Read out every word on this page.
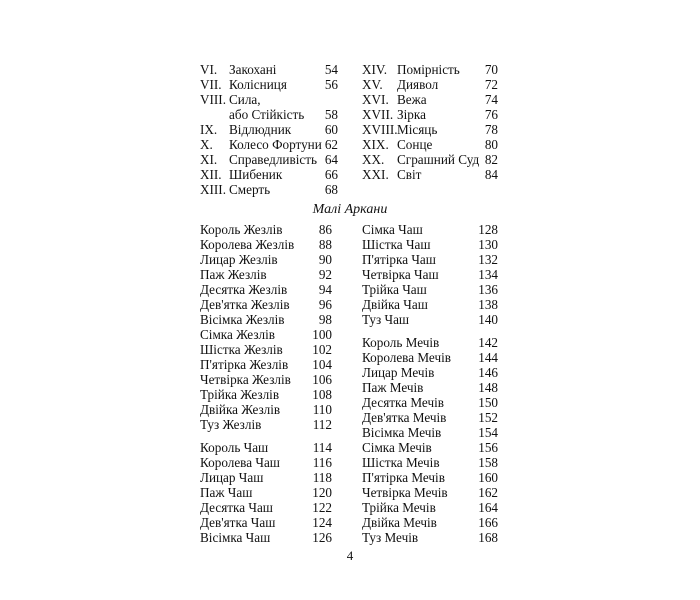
VI. Закохані	54
VII. Колісниця	56
VIII. Сила,
або Стійкість 58
IX. Відлюдник	60
X. Колесо Фортуни 62
XI. Справедливість 64
XII. Шибеник	66
XIII. Смерть	68
XIV. Помірність 70
XV. Диявол	72
XVI. Вежа	74
XVII. Зірка	76
XVIII. Місяць	78
XIX. Сонце	80
XX. Сграшний Суд 82
XXI. Світ	84
Малі Аркани
Король Жезлів	86
Королева Жезлів 88
Лицар Жезлів	90
Паж Жезлів	92
Десятка Жезлів 94
Дев'ятка Жезлів 96
Вісімка Жезлів	98
Сімка Жезлів	100
Шістка Жезлів 102
П'ятірка Жезлів 104
Четвірка Жезлів 106
Трійка Жезлів	108
Двійка Жезлів 110
Туз Жезлів	112
Король Чаш	114
Королева Чаш 116
Лицар Чаш	118
Паж Чаш	120
Десятка Чаш	122
Дев'ятка Чаш	124
Вісімка Чаш	126
Сімка Чаш	128
Шістка Чаш	130
П'ятірка Чаш	132
Четвірка Чаш	134
Трійка Чаш	136
Двійка Чаш	138
Туз Чаш	140
Король Мечів	142
Королева Мечів 144
Лицар Мечів	146
Паж Мечів	148
Десятка Мечів	150
Дев'ятка Мечів 152
Вісімка Мечів	154
Сімка Мечів	156
Шістка Мечів	158
П'ятірка Мечів	160
Четвірка Мечів 162
Трійка Мечів	164
Двійка Мечів	166
Туз Мечів	168
4
